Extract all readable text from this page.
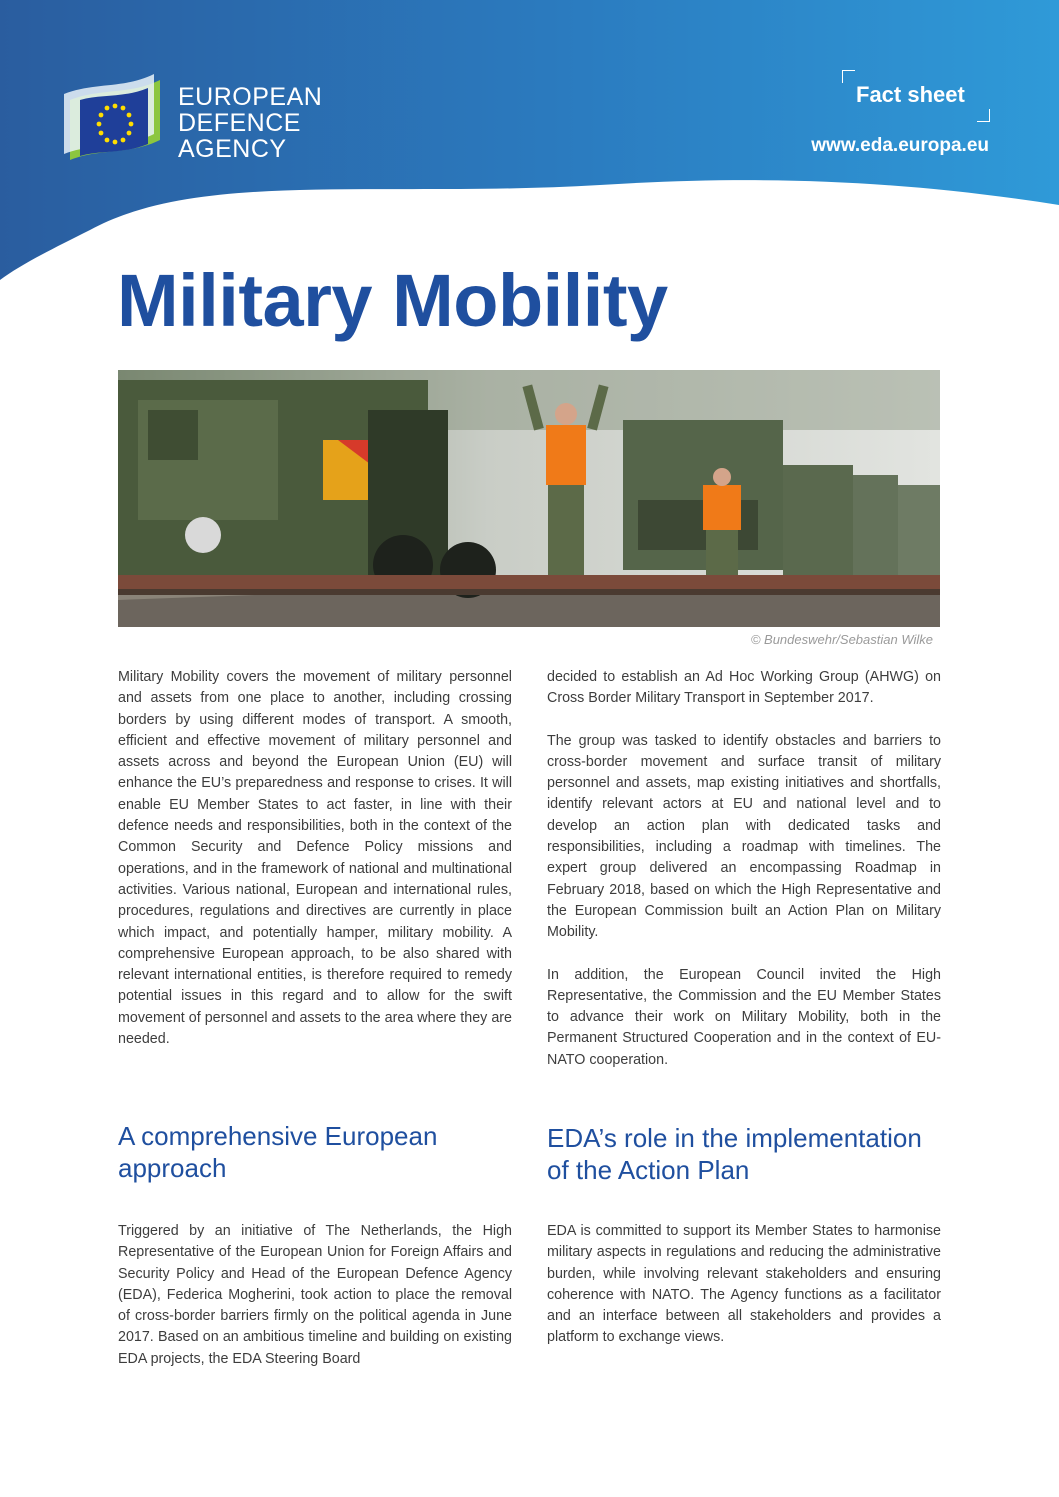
EUROPEAN
DEFENCE
AGENCY
Fact sheet
www.eda.europa.eu
Military Mobility
© Bundeswehr/Sebastian Wilke

Military Mobility covers the movement of military personnel and assets from one place to another, including crossing borders by using different modes of transport. A smooth, efficient and effective movement of military personnel and assets across and beyond the European Union (EU) will enhance the EU’s preparedness and response to crises. It will enable EU Member States to act faster, in line with their defence needs and responsibilities, both in the context of the Common Security and Defence Policy missions and operations, and in the framework of national and multinational activities. Various national, European and international rules, procedures, regulations and directives are currently in place which impact, and potentially hamper, military mobility. A comprehensive European approach, to be also shared with relevant international entities, is therefore required to remedy potential issues in this regard and to allow for the swift movement of personnel and assets to the area where they are needed.

decided to establish an Ad Hoc Working Group (AHWG) on Cross Border Military Transport in September 2017.

The group was tasked to identify obstacles and barriers to cross-border movement and surface transit of military personnel and assets, map existing initiatives and shortfalls, identify relevant actors at EU and national level and to develop an action plan with dedicated tasks and responsibilities, including a roadmap with timelines. The expert group delivered an encompassing Roadmap in February 2018, based on which the High Representative and the European Commission built an Action Plan on Military Mobility.

In addition, the European Council invited the High Representative, the Commission and the EU Member States to advance their work on Military Mobility, both in the Permanent Structured Cooperation and in the context of EU-NATO cooperation.

A comprehensive European approach
EDA’s role in the implementation of the Action Plan

Triggered by an initiative of The Netherlands, the High Representative of the European Union for Foreign Affairs and Security Policy and Head of the European Defence Agency (EDA), Federica Mogherini, took action to place the removal of cross-border barriers firmly on the political agenda in June 2017. Based on an ambitious timeline and building on existing EDA projects, the EDA Steering Board

EDA is committed to support its Member States to harmonise military aspects in regulations and reducing the administrative burden, while involving relevant stakeholders and ensuring coherence with NATO. The Agency functions as a facilitator and an interface between all stakeholders and provides a platform to exchange views.
